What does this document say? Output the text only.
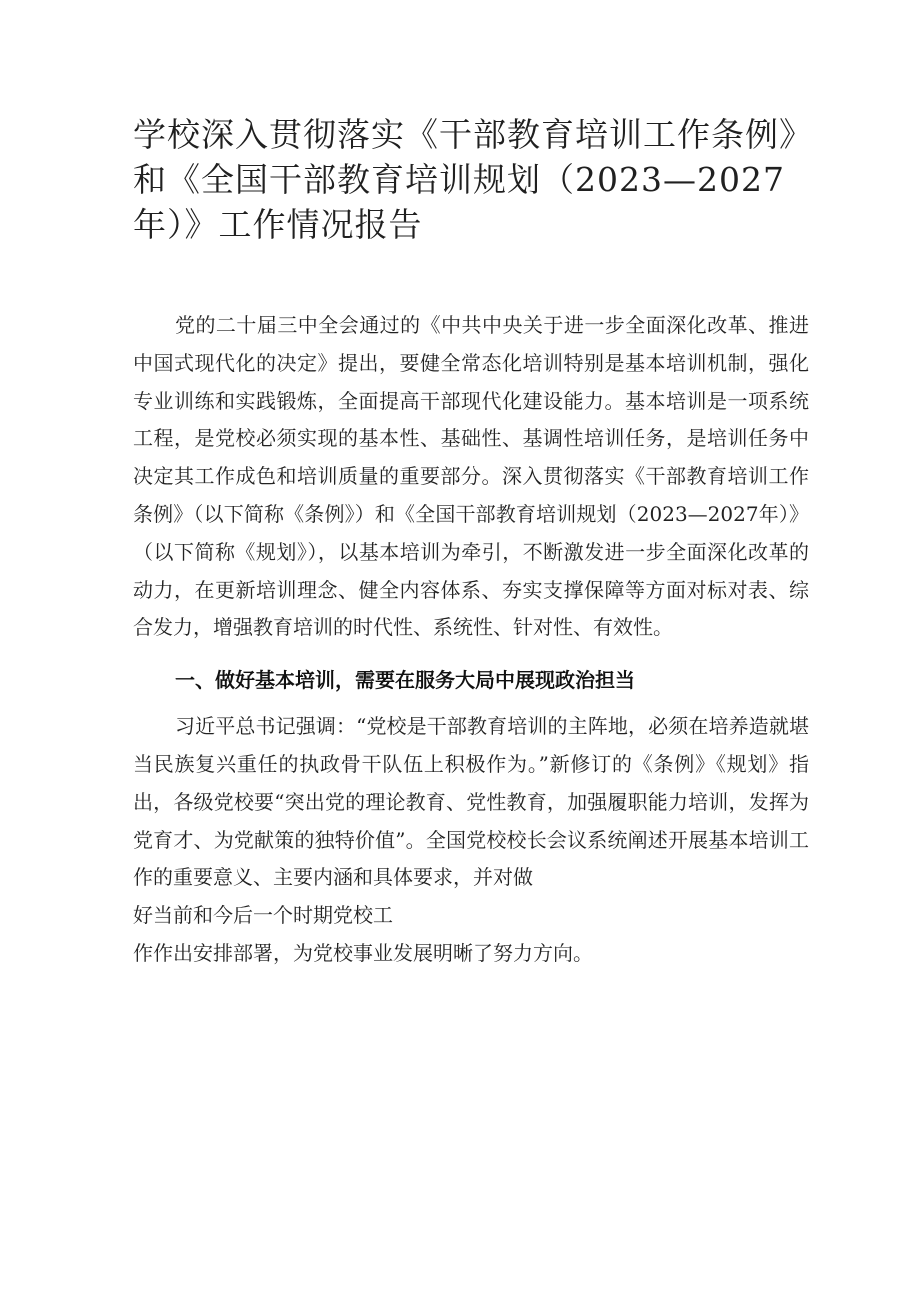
学校深入贯彻落实《干部教育培训工作条例》
和《全国干部教育培训规划（2023—2027
年）》工作情况报告

党的二十届三中全会通过的《中共中央关于进一步全面深化改革、推进中国式现代化的决定》提出，要健全常态化培训特别是基本培训机制，强化专业训练和实践锻炼，全面提高干部现代化建设能力。基本培训是一项系统工程，是党校必须实现的基本性、基础性、基调性培训任务，是培训任务中决定其工作成色和培训质量的重要部分。深入贯彻落实《干部教育培训工作条例》（以下简称《条例》）和《全国干部教育培训规划（2023—2027年）》（以下简称《规划》），以基本培训为牵引，不断激发进一步全面深化改革的动力，在更新培训理念、健全内容体系、夯实支撑保障等方面对标对表、综合发力，增强教育培训的时代性、系统性、针对性、有效性。

一、做好基本培训，需要在服务大局中展现政治担当

习近平总书记强调：“党校是干部教育培训的主阵地，必须在培养造就堪当民族复兴重任的执政骨干队伍上积极作为。”新修订的《条例》《规划》指出，各级党校要“突出党的理论教育、党性教育，加强履职能力培训，发挥为党育才、为党献策的独特价值”。全国党校校长会议系统阐述开展基本培训工作的重要意义、主要内涵和具体要求，并对做

好当前和今后一个时期党校工
作作出安排部署，为党校事业发展明晰了努力方向。
